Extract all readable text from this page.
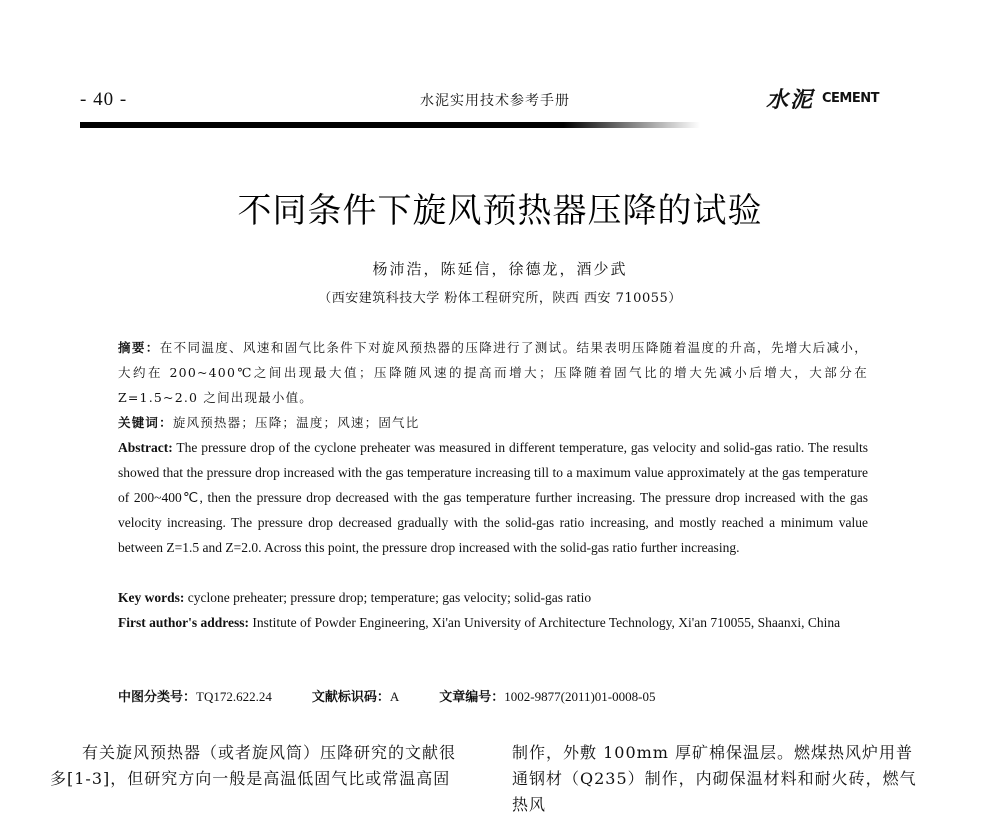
- 40 -	水泥实用技术参考手册	水泥 CEMENT
不同条件下旋风预热器压降的试验
杨沛浩，陈延信，徐德龙，酒少武
（西安建筑科技大学 粉体工程研究所，陕西 西安 710055）
摘要：在不同温度、风速和固气比条件下对旋风预热器的压降进行了测试。结果表明压降随着温度的升高，先增大后减小，大约在 200~400℃之间出现最大值；压降随风速的提高而增大；压降随着固气比的增大先减小后增大，大部分在 Z=1.5~2.0 之间出现最小值。
关键词：旋风预热器；压降；温度；风速；固气比
Abstract: The pressure drop of the cyclone preheater was measured in different temperature, gas velocity and solid-gas ratio. The results showed that the pressure drop increased with the gas temperature increasing till to a maximum value approximately at the gas temperature of 200~400℃, then the pressure drop decreased with the gas temperature further increasing. The pressure drop increased with the gas velocity increasing. The pressure drop decreased gradually with the solid-gas ratio increasing, and mostly reached a minimum value between Z=1.5 and Z=2.0. Across this point, the pressure drop increased with the solid-gas ratio further increasing.
Key words: cyclone preheater; pressure drop; temperature; gas velocity; solid-gas ratio
First author's address: Institute of Powder Engineering, Xi'an University of Architecture Technology, Xi'an 710055, Shaanxi, China
中图分类号：TQ172.622.24	文献标识码：A	文章编号：1002-9877(2011)01-0008-05
有关旋风预热器（或者旋风筒）压降研究的文献很多[1-3]，但研究方向一般是高温低固气比或常温高固
制作，外敷 100mm 厚矿棉保温层。燃煤热风炉用普通钢材（Q235）制作，内砌保温材料和耐火砖，燃气热风
